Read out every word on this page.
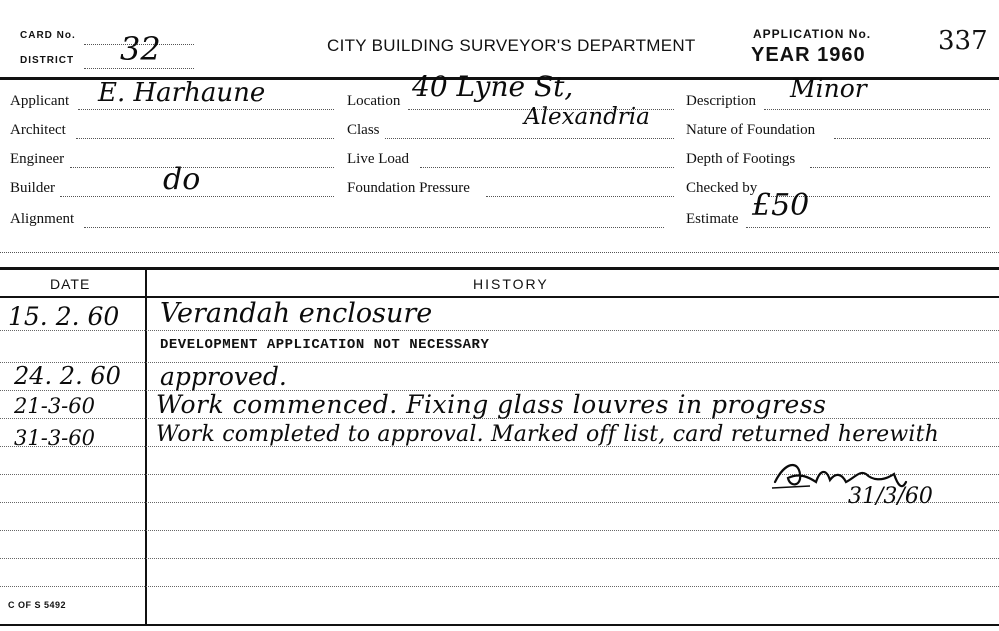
CARD No.
DISTRICT 32	CITY BUILDING SURVEYOR'S DEPARTMENT
APPLICATION No.
YEAR 1960	337
Applicant E. Harhaune
Architect
Engineer
Builder	do
Alignment
Location 40 Lyne St,
Class	Alexandria
Live Load
Foundation Pressure
Description Minor
Nature of Foundation
Depth of Footings
Checked by
Estimate £50
DATE	HISTORY
15. 2. 60 Verandah enclosure
DEVELOPMENT APPLICATION NOT NECESSARY
24. 2. 60 approved.
21-3-60 Work commenced. Fixing glass louvres in progress
31-3-60	Work completed to approval. Marked off list, card returned herewith
31/3/60
C OF S 5492
